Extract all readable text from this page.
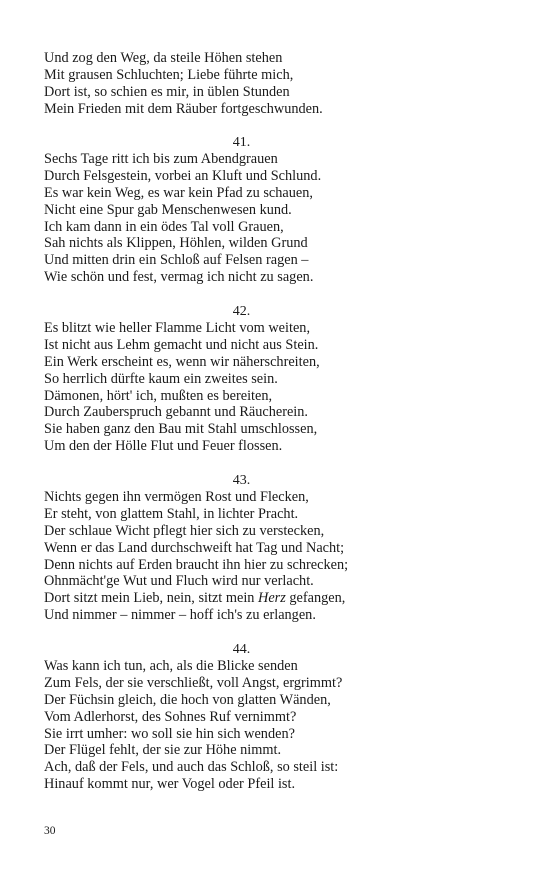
Und zog den Weg, da steile Höhen stehen
Mit grausen Schluchten; Liebe führte mich,
Dort ist, so schien es mir, in üblen Stunden
Mein Frieden mit dem Räuber fortgeschwunden.
41.
Sechs Tage ritt ich bis zum Abendgrauen
Durch Felsgestein, vorbei an Kluft und Schlund.
Es war kein Weg, es war kein Pfad zu schauen,
Nicht eine Spur gab Menschenwesen kund.
Ich kam dann in ein ödes Tal voll Grauen,
Sah nichts als Klippen, Höhlen, wilden Grund
Und mitten drin ein Schloß auf Felsen ragen –
Wie schön und fest, vermag ich nicht zu sagen.
42.
Es blitzt wie heller Flamme Licht vom weiten,
Ist nicht aus Lehm gemacht und nicht aus Stein.
Ein Werk erscheint es, wenn wir näherschreiten,
So herrlich dürfte kaum ein zweites sein.
Dämonen, hört' ich, mußten es bereiten,
Durch Zauberspruch gebannt und Räucherein.
Sie haben ganz den Bau mit Stahl umschlossen,
Um den der Hölle Flut und Feuer flossen.
43.
Nichts gegen ihn vermögen Rost und Flecken,
Er steht, von glattem Stahl, in lichter Pracht.
Der schlaue Wicht pflegt hier sich zu verstecken,
Wenn er das Land durchschweift hat Tag und Nacht;
Denn nichts auf Erden braucht ihn hier zu schrecken;
Ohnmächt'ge Wut und Fluch wird nur verlacht.
Dort sitzt mein Lieb, nein, sitzt mein Herz gefangen,
Und nimmer – nimmer – hoff ich's zu erlangen.
44.
Was kann ich tun, ach, als die Blicke senden
Zum Fels, der sie verschließt, voll Angst, ergrimmt?
Der Füchsin gleich, die hoch von glatten Wänden,
Vom Adlerhorst, des Sohnes Ruf vernimmt?
Sie irrt umher: wo soll sie hin sich wenden?
Der Flügel fehlt, der sie zur Höhe nimmt.
Ach, daß der Fels, und auch das Schloß, so steil ist:
Hinauf kommt nur, wer Vogel oder Pfeil ist.
30
